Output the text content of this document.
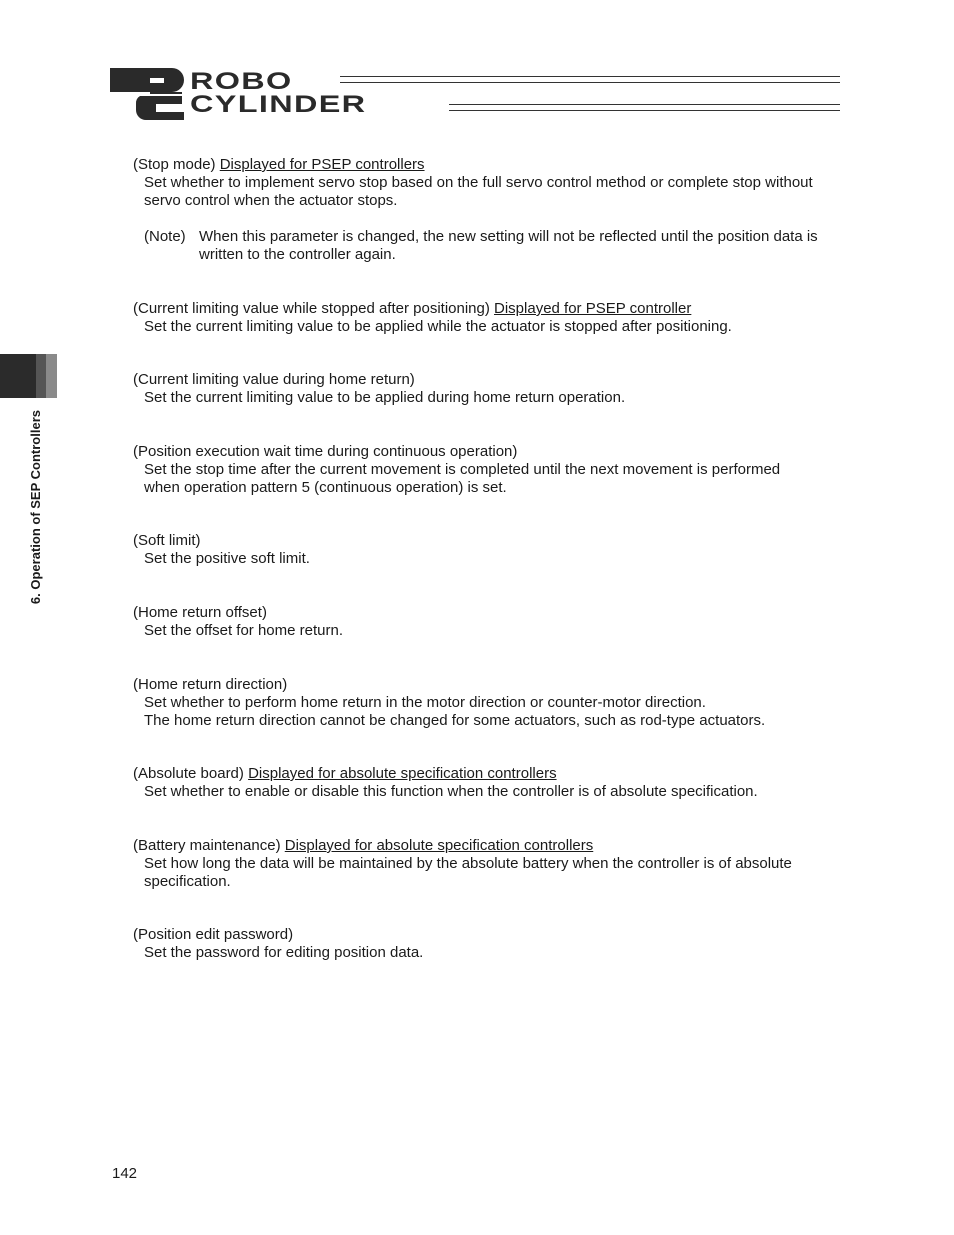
ROBO
CYLINDER
6. Operation of SEP Controllers

(Stop mode) Displayed for PSEP controllers

Set whether to implement servo stop based on the full servo control method or complete stop without

servo control when the actuator stops.

(Note) When this parameter is changed, the new setting will not be reflected until the position data is
written to the controller again.

(Current limiting value while stopped after positioning) Displayed for PSEP controller

Set the current limiting value to be applied while the actuator is stopped after positioning.

(Current limiting value during home return)

Set the current limiting value to be applied during home return operation.

(Position execution wait time during continuous operation)

Set the stop time after the current movement is completed until the next movement is performed

when operation pattern 5 (continuous operation) is set.

(Soft limit)

Set the positive soft limit.

(Home return offset)

Set the offset for home return.

(Home return direction)

Set whether to perform home return in the motor direction or counter-motor direction.

The home return direction cannot be changed for some actuators, such as rod-type actuators.

(Absolute board) Displayed for absolute specification controllers

Set whether to enable or disable this function when the controller is of absolute specification.

(Battery maintenance) Displayed for absolute specification controllers

Set how long the data will be maintained by the absolute battery when the controller is of absolute

specification.

(Position edit password)

Set the password for editing position data.

142
